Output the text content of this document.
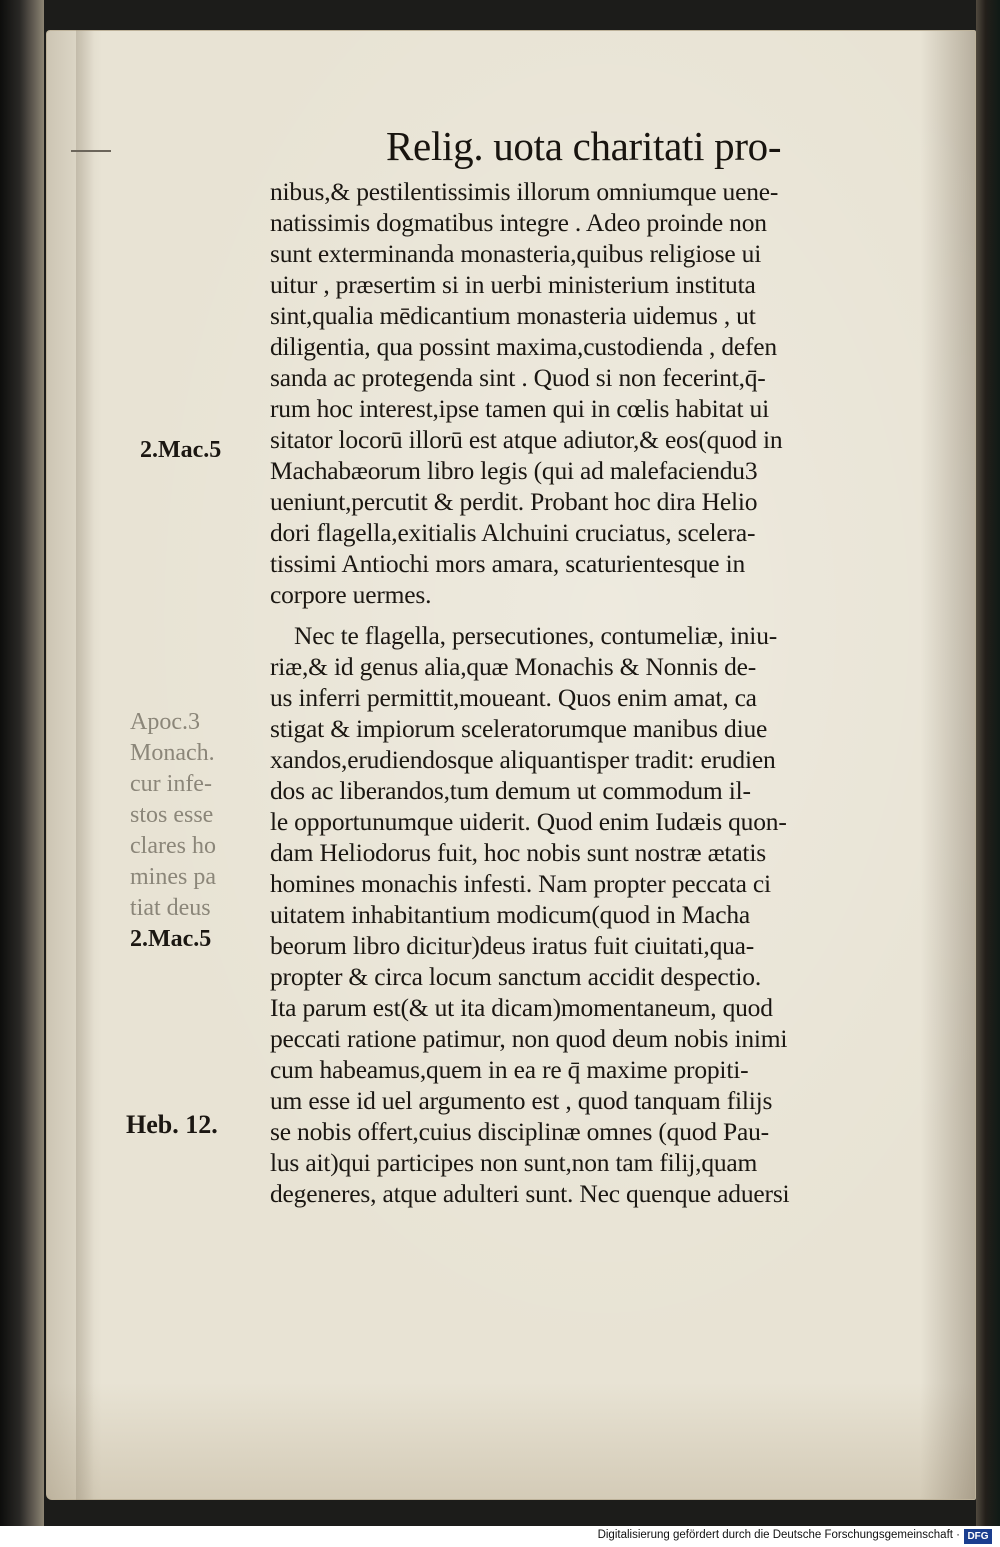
Relig. uota charitati pro-
nibus,& pestilentissimis illorum omniumque uene-
natissimis dogmatibus integre . Adeo proinde non
sunt exterminanda monasteria,quibus religiose ui
uitur , præsertim si in uerbi ministerium instituta
sint,qualia mēdicantium monasteria uidemus , ut
diligentia, qua possint maxima,custodienda , defen
sanda ac protegenda sint . Quod si non fecerint,q̄-
rum hoc interest,ipse tamen qui in cœlis habitat ui
sitator locorū illorū est atque adiutor,& eos(quod in
Machabæorum libro legis (qui ad malefaciendu3
ueniunt,percutit & perdit. Probant hoc dira Helio
dori flagella,exitialis Alchuini cruciatus, scelera-
tissimi Antiochi mors amara, scaturientesque in
corpore uermes.
Nec te flagella, persecutiones, contumeliæ, iniu-
riæ,& id genus alia,quæ Monachis & Nonnis de-
us inferri permittit,moueant. Quos enim amat, ca
stigat & impiorum sceleratorumque manibus diue
xandos,erudiendosque aliquantisper tradit: erudien
dos ac liberandos,tum demum ut commodum il-
le opportunumque uiderit. Quod enim Iudæis quon-
dam Heliodorus fuit, hoc nobis sunt nostræ ætatis
homines monachis infesti. Nam propter peccata ci
uitatem inhabitantium modicum(quod in Macha
beorum libro dicitur)deus iratus fuit ciuitati,qua-
propter & circa locum sanctum accidit despectio.
Ita parum est(& ut ita dicam)momentaneum, quod
peccati ratione patimur, non quod deum nobis inimi
cum habeamus,quem in ea re q̄ maxime propiti-
um esse id uel argumento est , quod tanquam filijs
se nobis offert,cuius disciplinæ omnes (quod Pau-
lus ait)qui participes non sunt,non tam filij,quam
degeneres, atque adulteri sunt. Nec quenque aduersi
2.Mac.5
Apoc.3
Monach.
cur infe-
stos esse
clares ho
mines pa
tiat deus
2.Mac.5
Heb. 12.
Digitalisierung gefördert durch die Deutsche Forschungsgemeinschaft · DFG
